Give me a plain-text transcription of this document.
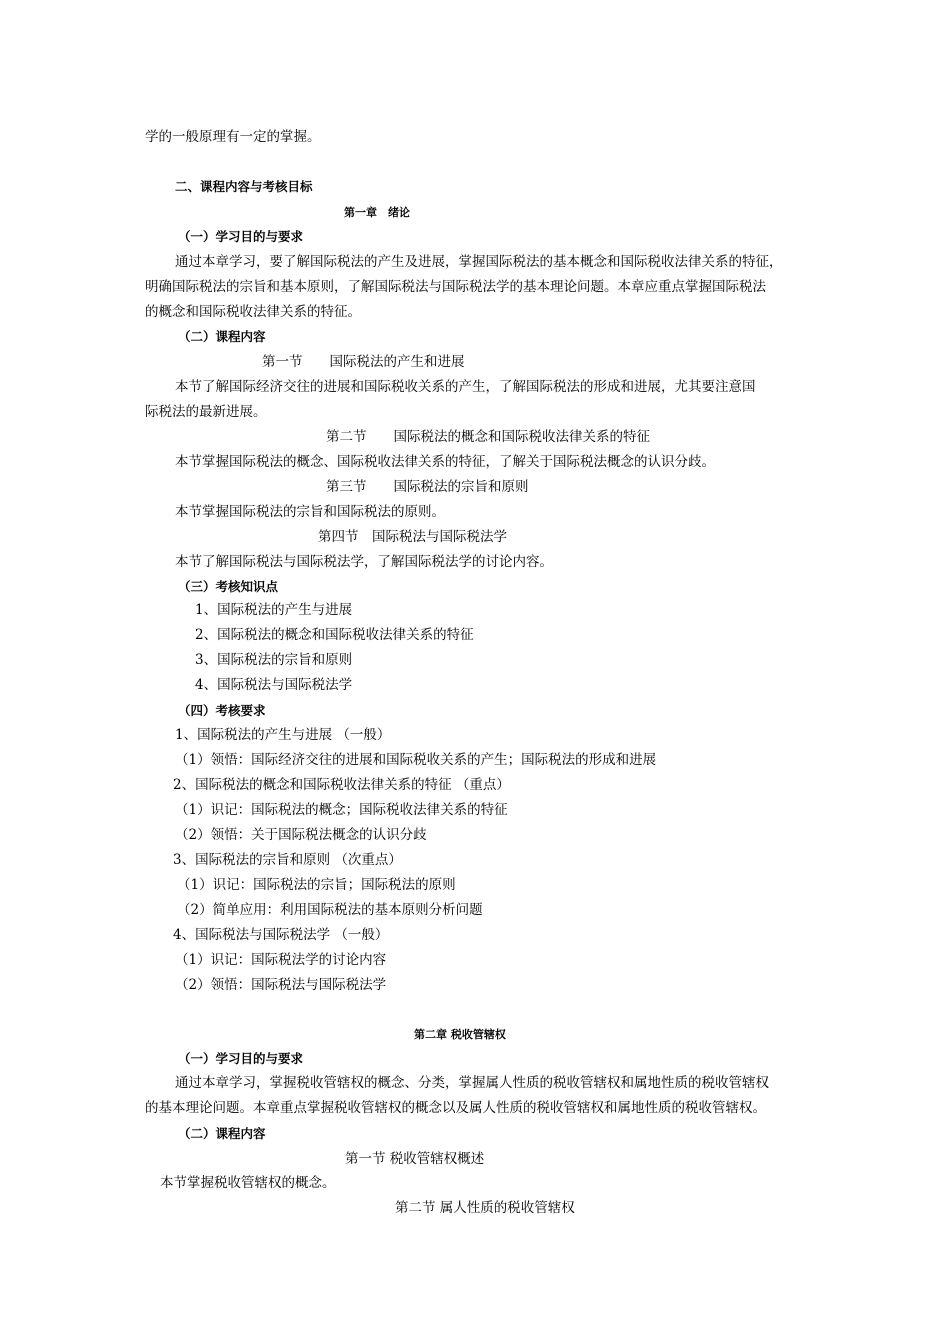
学的一般原理有一定的掌握。
二、课程内容与考核目标
第一章　绪论
（一）学习目的与要求
通过本章学习，要了解国际税法的产生及进展，掌握国际税法的基本概念和国际税收法律关系的特征，
明确国际税法的宗旨和基本原则，了解国际税法与国际税法学的基本理论问题。本章应重点掌握国际税法
的概念和国际税收法律关系的特征。
（二）课程内容
第一节　　国际税法的产生和进展
本节了解国际经济交往的进展和国际税收关系的产生，了解国际税法的形成和进展，尤其要注意国
际税法的最新进展。
第二节　　国际税法的概念和国际税收法律关系的特征
本节掌握国际税法的概念、国际税收法律关系的特征，了解关于国际税法概念的认识分歧。
第三节　　国际税法的宗旨和原则
本节掌握国际税法的宗旨和国际税法的原则。
第四节　国际税法与国际税法学
本节了解国际税法与国际税法学，了解国际税法学的讨论内容。
（三）考核知识点
1、国际税法的产生与进展
2、国际税法的概念和国际税收法律关系的特征
3、国际税法的宗旨和原则
4、国际税法与国际税法学
（四）考核要求
1、国际税法的产生与进展 （一般）
（1）领悟：国际经济交往的进展和国际税收关系的产生；国际税法的形成和进展
2、国际税法的概念和国际税收法律关系的特征 （重点）
（1）识记：国际税法的概念；国际税收法律关系的特征
（2）领悟：关于国际税法概念的认识分歧
3、国际税法的宗旨和原则 （次重点）
（1）识记：国际税法的宗旨；国际税法的原则
（2）简单应用：利用国际税法的基本原则分析问题
4、国际税法与国际税法学 （一般）
（1）识记：国际税法学的讨论内容
（2）领悟：国际税法与国际税法学
第二章 税收管辖权
（一）学习目的与要求
通过本章学习，掌握税收管辖权的概念、分类，掌握属人性质的税收管辖权和属地性质的税收管辖权
的基本理论问题。本章重点掌握税收管辖权的概念以及属人性质的税收管辖权和属地性质的税收管辖权。
（二）课程内容
第一节 税收管辖权概述
本节掌握税收管辖权的概念。
第二节 属人性质的税收管辖权
